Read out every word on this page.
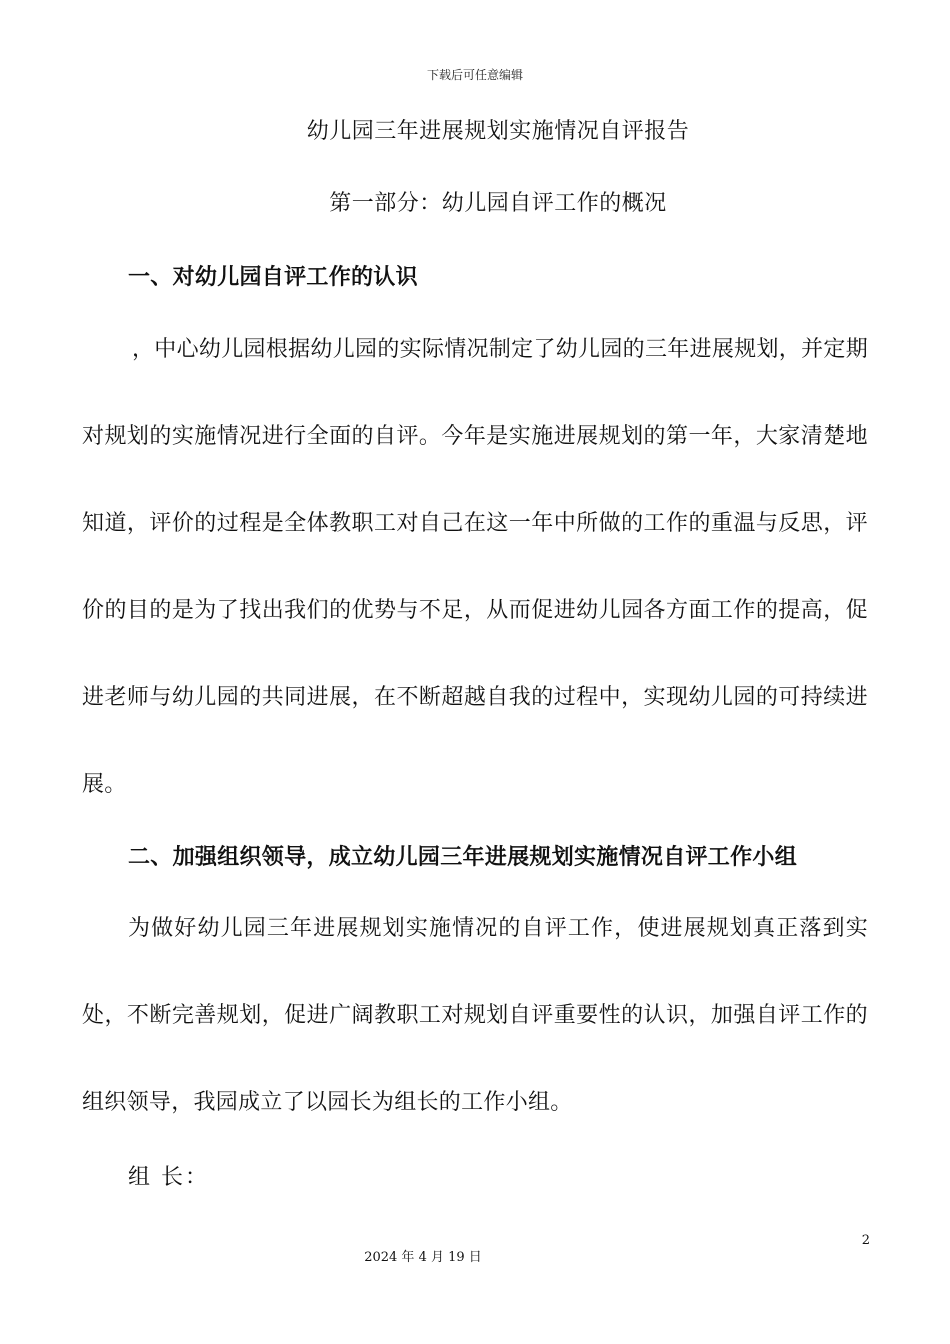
下载后可任意编辑
幼儿园三年进展规划实施情况自评报告
第一部分：幼儿园自评工作的概况
一、对幼儿园自评工作的认识

，中心幼儿园根据幼儿园的实际情况制定了幼儿园的三年进展规划，并定期对规划的实施情况进行全面的自评。今年是实施进展规划的第一年，大家清楚地知道，评价的过程是全体教职工对自己在这一年中所做的工作的重温与反思，评价的目的是为了找出我们的优势与不足，从而促进幼儿园各方面工作的提高，促进老师与幼儿园的共同进展，在不断超越自我的过程中，实现幼儿园的可持续进展。

二、加强组织领导，成立幼儿园三年进展规划实施情况自评工作小组

为做好幼儿园三年进展规划实施情况的自评工作，使进展规划真正落到实处，不断完善规划，促进广阔教职工对规划自评重要性的认识，加强自评工作的组织领导，我园成立了以园长为组长的工作小组。

组 长：
2
2024 年 4 月 19 日
